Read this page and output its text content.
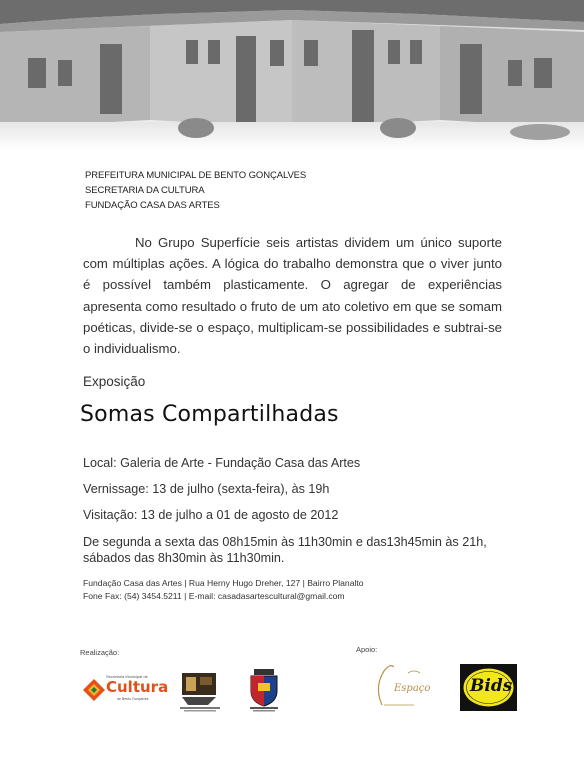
PREFEITURA MUNICIPAL DE BENTO GONÇALVES
SECRETARIA DA CULTURA
FUNDAÇÃO CASA DAS ARTES

No Grupo Superfície seis artistas dividem um único suporte com múltiplas ações. A lógica do trabalho demonstra que o viver junto é possível também plasticamente. O agregar de experiências apresenta como resultado o fruto de um ato coletivo em que se somam poéticas, divide-se o espaço, multiplicam-se possibilidades e subtrai-se o individualismo.

Exposição
Somas Compartilhadas
Local: Galeria de Arte - Fundação Casa das Artes
Vernissage: 13 de julho (sexta-feira), às 19h
Visitação: 13 de julho a 01 de agosto de 2012
De segunda a sexta das 08h15min às 11h30min e das13h45min às 21h,
sábados das 8h30min às 11h30min.
Fundação Casa das Artes | Rua Herny Hugo Dreher, 127 | Bairro Planalto
Fone Fax: (54) 3454.5211 | E-mail: casadasartescultural@gmail.com
Realização:	Apoio:
Secretaria Municipal de
Cultura
de Bento Gonçalves
Espaço Bids
